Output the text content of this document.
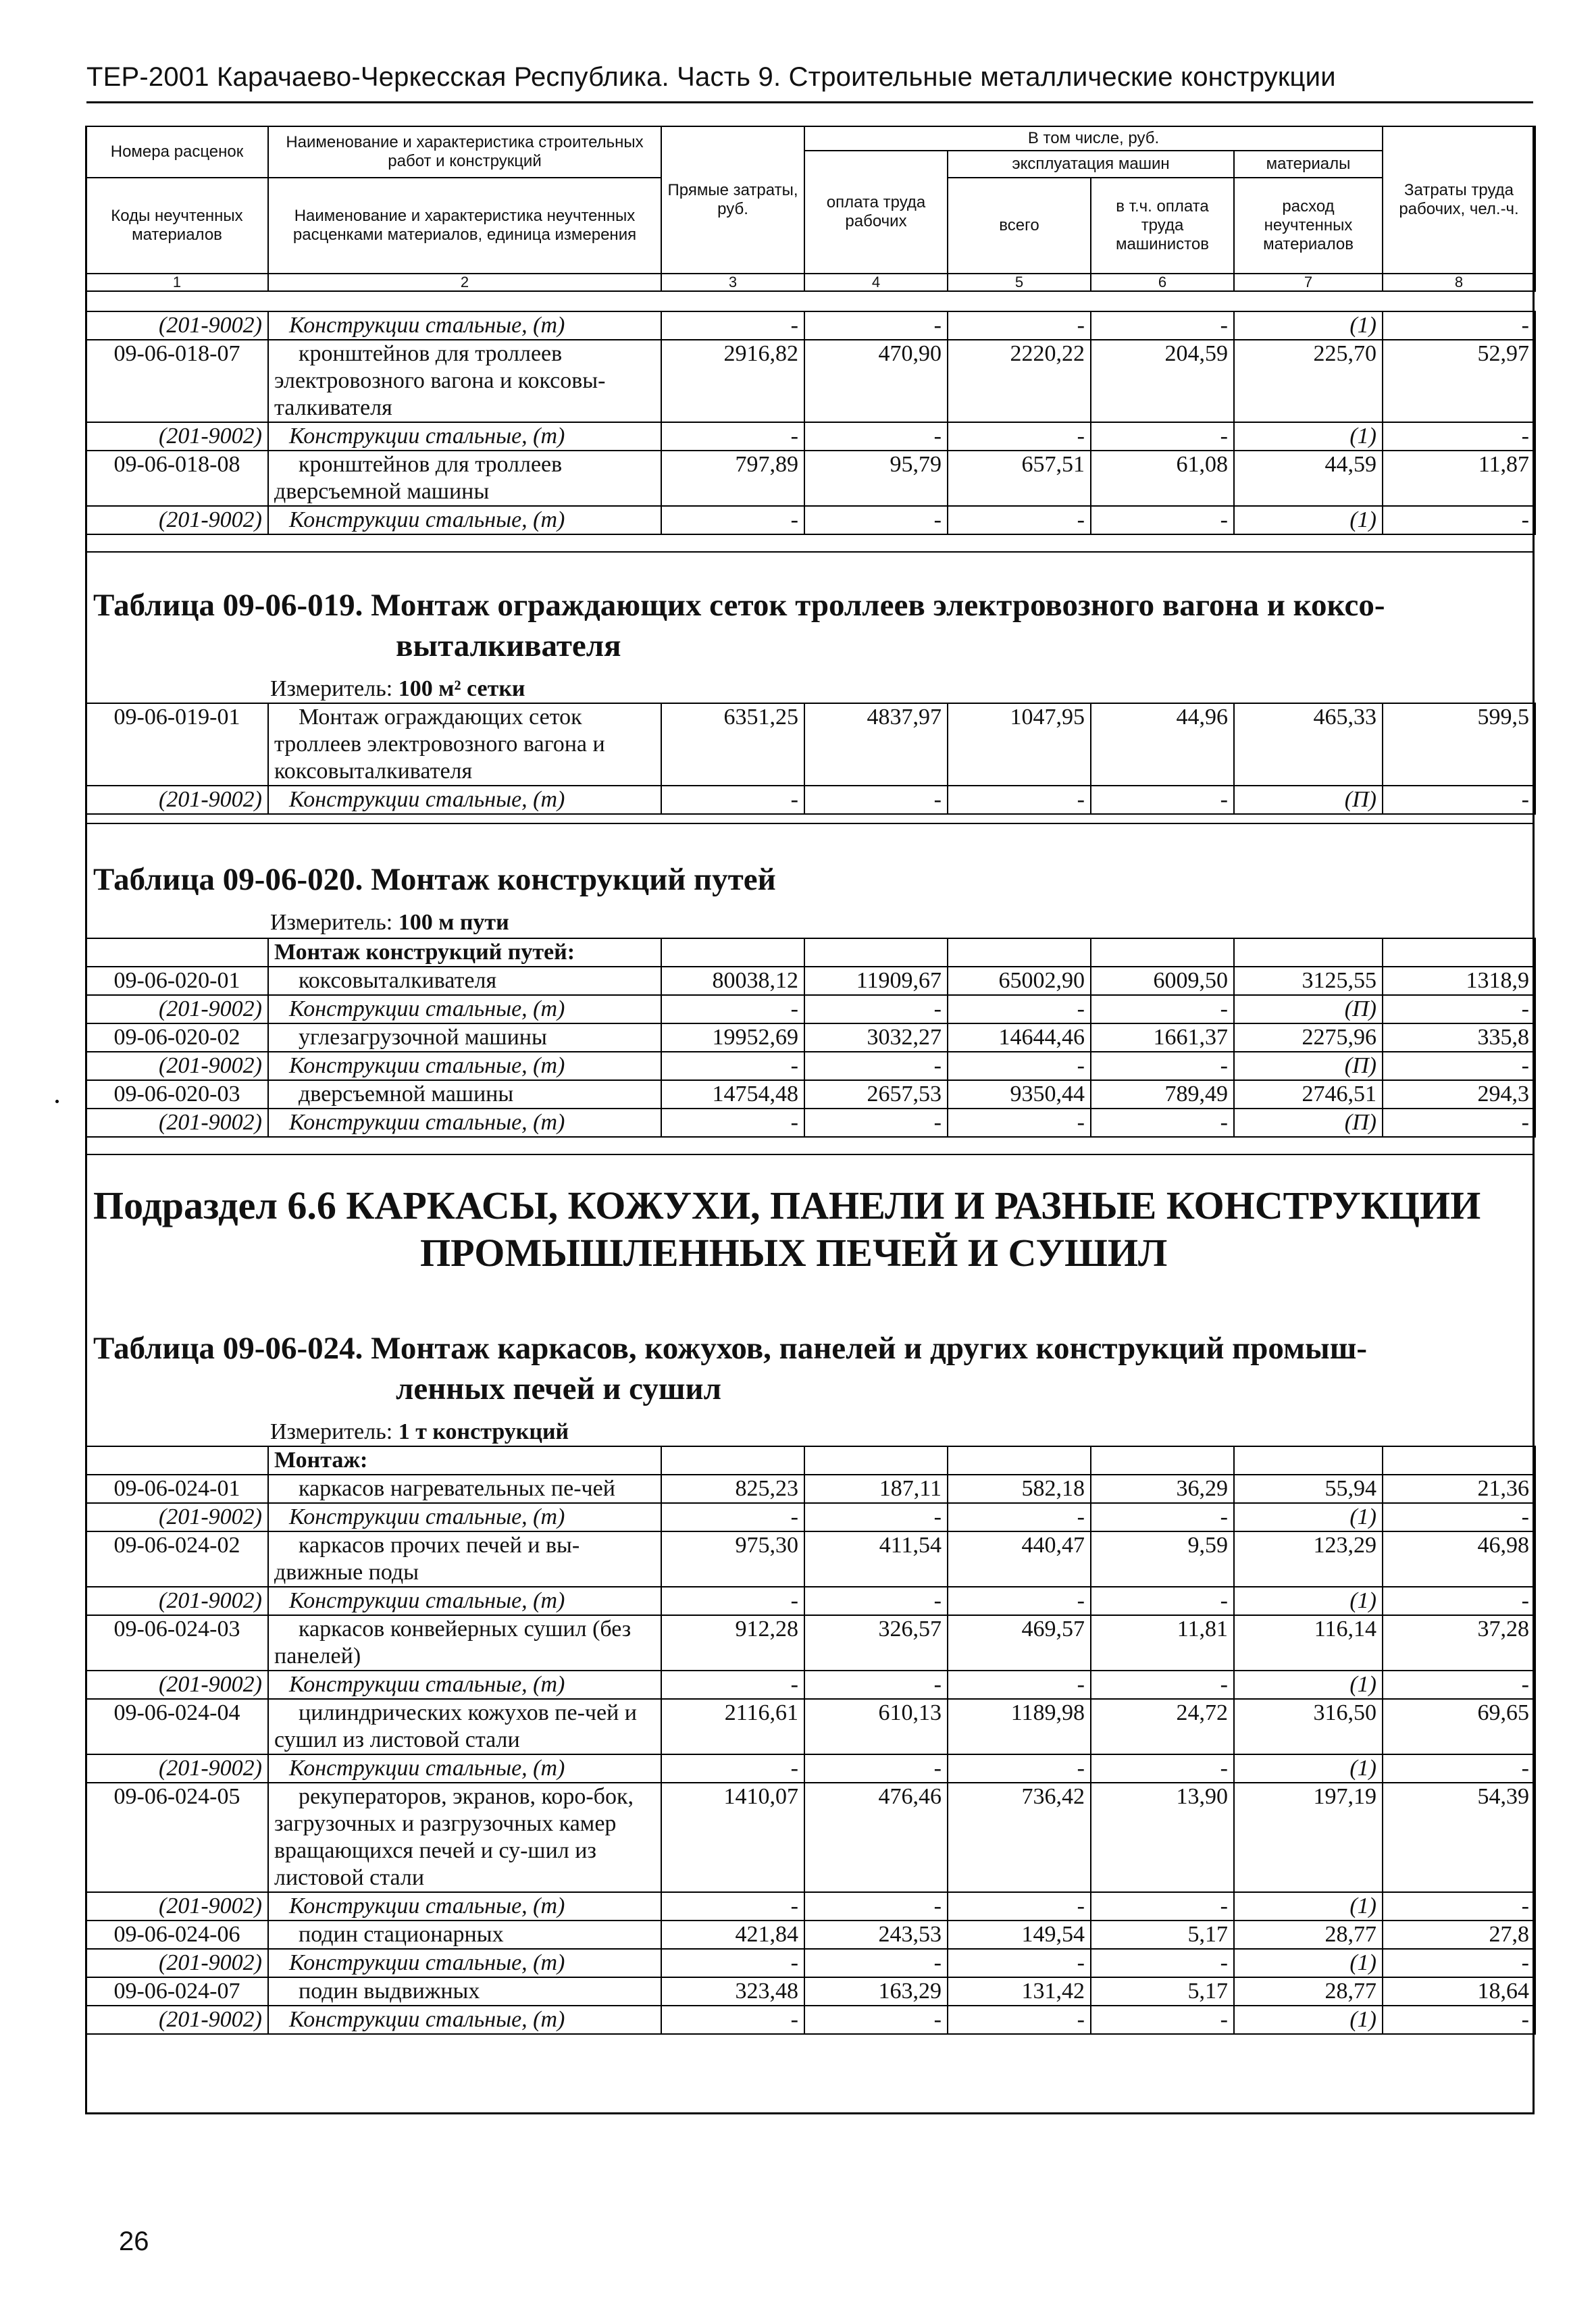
ТЕР-2001 Карачаево-Черкесская Республика. Часть 9. Строительные металлические конструкции
Номера расценок	Наименование и характеристика строительных работ и конструкций	Прямые затраты, руб.	В том числе, руб.				Затраты труда рабочих, чел.-ч.
			оплата труда рабочих	эксплуатация машин		материалы	
Коды неучтенных материалов	Наименование и характеристика неучтенных расценками материалов, единица измерения			всего	в т.ч. оплата труда машинистов	расход неучтенных материалов	

1	2	3	4	5	6	7	8
(201-9002)	Конструкции стальные, (т)	-	-	-	-	(1)	-
09-06-018-07	кронштейнов для троллеев электровозного вагона и коксовы-талкивателя	2916,82	470,90	2220,22	204,59	225,70	52,97
(201-9002)	Конструкции стальные, (т)	-	-	-	-	(1)	-
09-06-018-08	кронштейнов для троллеев дверсъемной машины	797,89	95,79	657,51	61,08	44,59	11,87
(201-9002)	Конструкции стальные, (т)	-	-	-	-	(1)	-
Таблица 09-06-019. Монтаж ограждающих сеток троллеев электровозного вагона и коксо-
выталкивателя
Измеритель: 100 м² сетки
09-06-019-01	Монтаж ограждающих сеток троллеев электровозного вагона и коксовыталкивателя	6351,25	4837,97	1047,95	44,96	465,33	599,5
(201-9002)	Конструкции стальные, (т)	-	-	-	-	(П)	-
Таблица 09-06-020. Монтаж конструкций путей
Измеритель: 100 м пути
	Монтаж конструкций путей:						
09-06-020-01	коксовыталкивателя	80038,12	11909,67	65002,90	6009,50	3125,55	1318,9
(201-9002)	Конструкции стальные, (т)	-	-	-	-	(П)	-
09-06-020-02	углезагрузочной машины	19952,69	3032,27	14644,46	1661,37	2275,96	335,8
(201-9002)	Конструкции стальные, (т)	-	-	-	-	(П)	-
09-06-020-03	дверсъемной машины	14754,48	2657,53	9350,44	789,49	2746,51	294,3
(201-9002)	Конструкции стальные, (т)	-	-	-	-	(П)	-
Подраздел 6.6 КАРКАСЫ, КОЖУХИ, ПАНЕЛИ И РАЗНЫЕ КОНСТРУКЦИИ
ПРОМЫШЛЕННЫХ ПЕЧЕЙ И СУШИЛ
Таблица 09-06-024. Монтаж каркасов, кожухов, панелей и других конструкций промыш-
ленных печей и сушил
Измеритель: 1 т конструкций
	Монтаж:						
09-06-024-01	каркасов нагревательных пе-чей	825,23	187,11	582,18	36,29	55,94	21,36
(201-9002)	Конструкции стальные, (т)	-	-	-	-	(1)	-
09-06-024-02	каркасов прочих печей и вы-движные поды	975,30	411,54	440,47	9,59	123,29	46,98
(201-9002)	Конструкции стальные, (т)	-	-	-	-	(1)	-
09-06-024-03	каркасов конвейерных сушил (без панелей)	912,28	326,57	469,57	11,81	116,14	37,28
(201-9002)	Конструкции стальные, (т)	-	-	-	-	(1)	-
09-06-024-04	цилиндрических кожухов пе-чей и сушил из листовой стали	2116,61	610,13	1189,98	24,72	316,50	69,65
(201-9002)	Конструкции стальные, (т)	-	-	-	-	(1)	-
09-06-024-05	рекуператоров, экранов, коро-бок, загрузочных и разгрузочных камер вращающихся печей и су-шил из листовой стали	1410,07	476,46	736,42	13,90	197,19	54,39
(201-9002)	Конструкции стальные, (т)	-	-	-	-	(1)	-
09-06-024-06	подин стационарных	421,84	243,53	149,54	5,17	28,77	27,8
(201-9002)	Конструкции стальные, (т)	-	-	-	-	(1)	-
09-06-024-07	подин выдвижных	323,48	163,29	131,42	5,17	28,77	18,64
(201-9002)	Конструкции стальные, (т)	-	-	-	-	(1)	-
26
